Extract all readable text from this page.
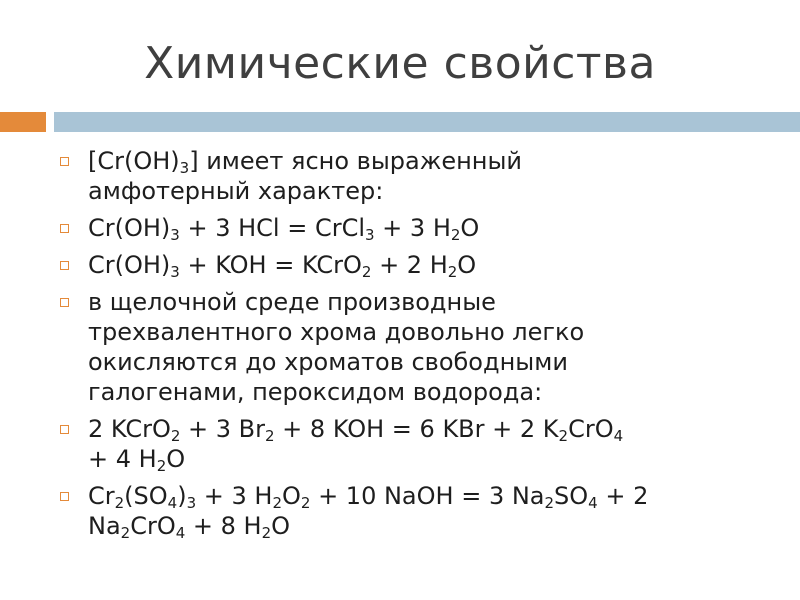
Химические свойства
$[Cr(OH)_3]$ имеет ясно выраженный
амфотерный характер:
$Cr(OH)_3 + 3$ HCl = CrCl$_3$ + 3 $H_2O$
$Cr(OH)_3$ + KOH = KCrO$_2$ + 2 $H_2O$
в щелочной среде производные
трехвалентного хрома довольно легко
окисляются до хроматов свободными
галогенами, пероксидом водорода:
2 KCrO$_2$ + 3 $Br_2 + 8$ KOH = 6 KBr + 2 $K_2CrO_4$
+ 4 $H_2O$
$Cr_2(SO_4)_3 + 3$ $H_2O_2 + 10$ NaOH = 3 $Na_2SO_4 + 2$
$Na_2CrO_4 + 8$ $H_2O$
